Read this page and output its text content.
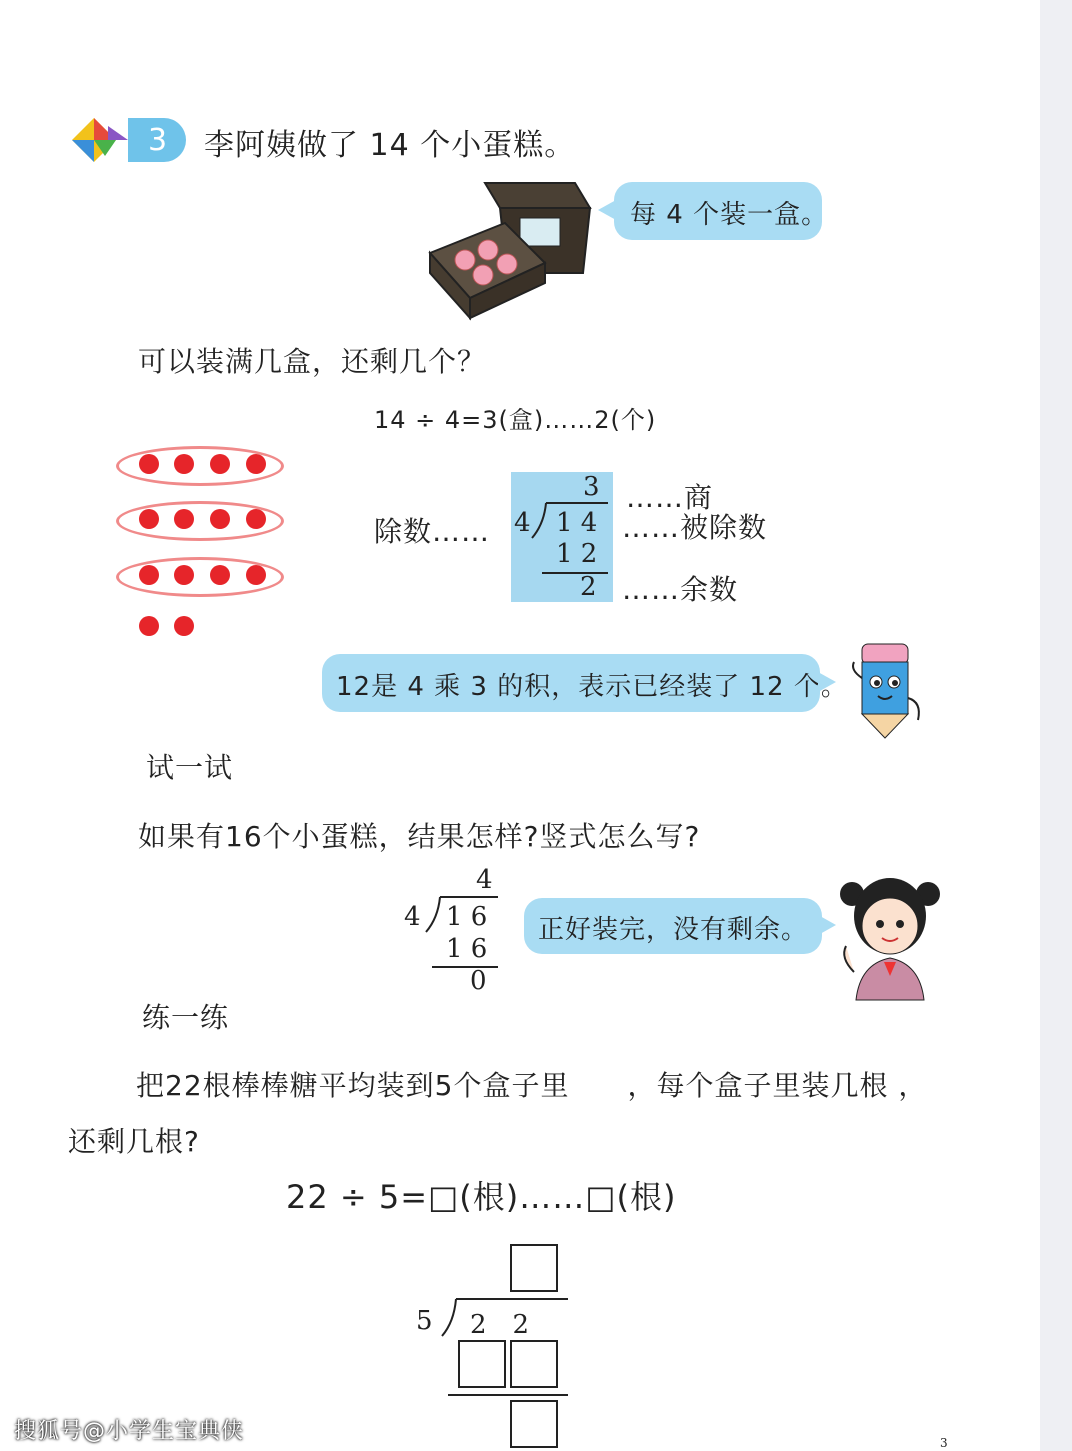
3 李阿姨做了 14 个小蛋糕。
每 4 个装一盒。
可以装满几盒，还剩几个？
14 ÷ 4=3(盒)……2(个)
除数……
3
4 1 4
1 2
2
……商
……被除数
……余数
12是 4 乘 3 的积，表示已经装了 12 个。
试一试
如果有16个小蛋糕，结果怎样?竖式怎么写?
4
4 1 6
1 6
0
正好装完，没有剩余。
练一练
把22根棒棒糖平均装到5个盒子里　　，每个盒子里装几根 ，
还剩几根?
22 ÷ 5=□(根)……□(根)
5 2　2
搜狐号@小学生宝典侠	3
